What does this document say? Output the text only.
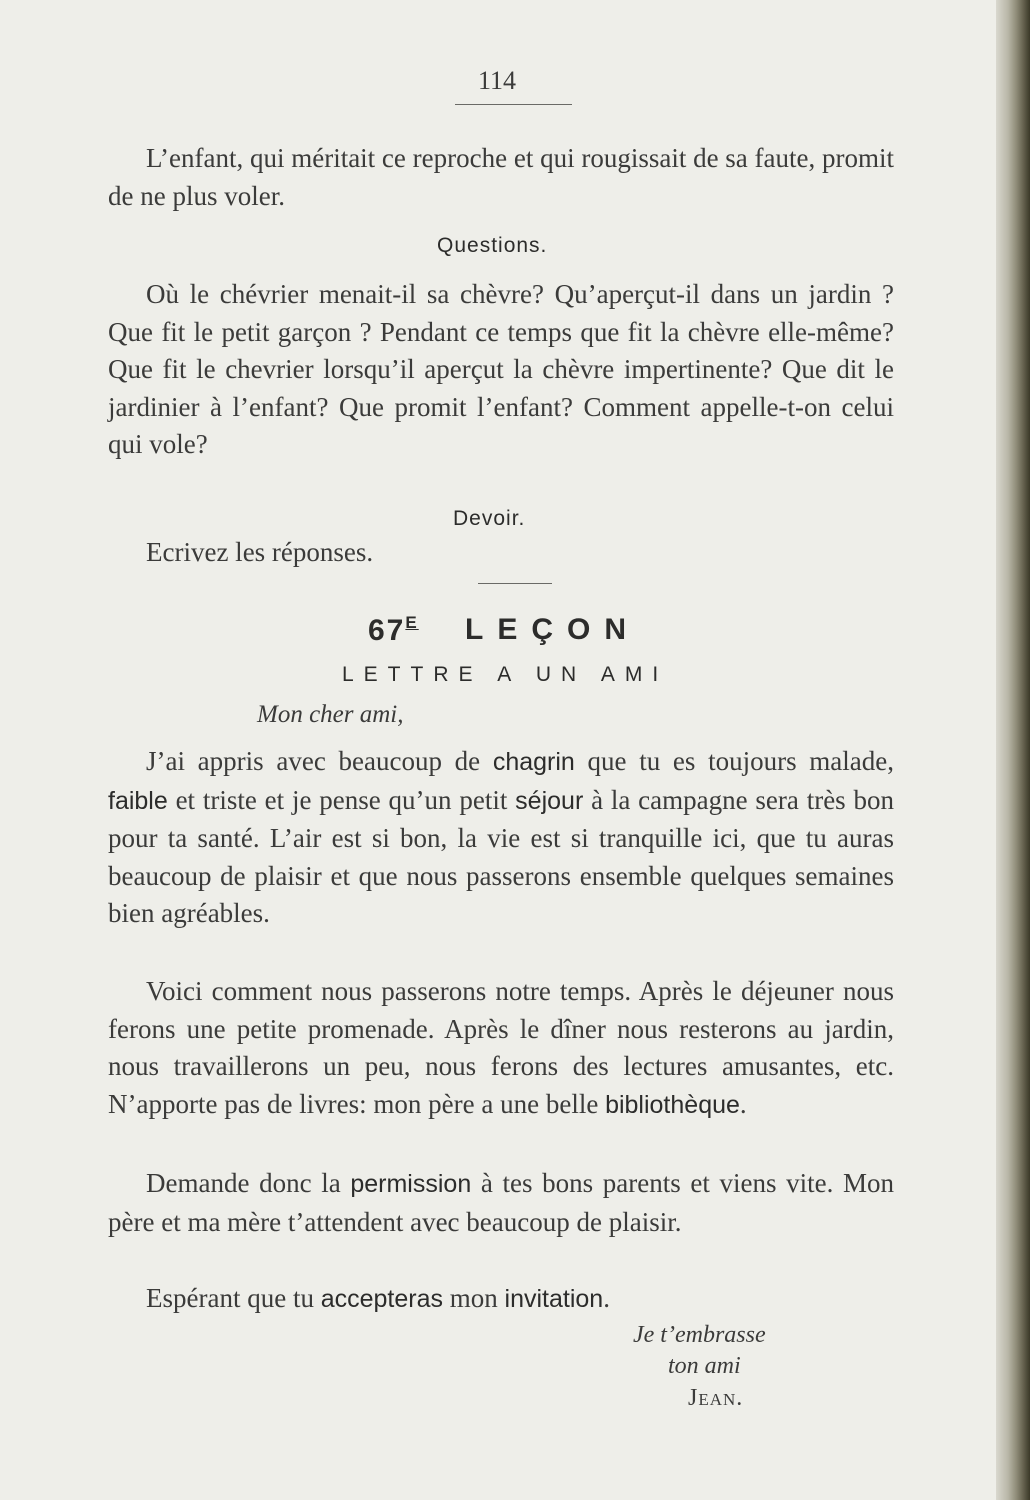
114
L’enfant, qui méritait ce reproche et qui rougissait de sa faute, promit de ne plus voler.
Questions.
Où le chévrier menait-il sa chèvre? Qu’aperçut-il dans un jardin ? Que fit le petit garçon ? Pendant ce temps que fit la chèvre elle-même? Que fit le chevrier lorsqu’il aperçut la chèvre impertinente? Que dit le jardinier à l’enfant? Que promit l’enfant? Comment appelle-t-on celui qui vole?
Devoir.
Ecrivez les réponses.
$67^E$ LEÇON
LETTRE A UN AMI
Mon cher ami,
J’ai appris avec beaucoup de chagrin que tu es toujours malade, faible et triste et je pense qu’un petit séjour à la campagne sera très bon pour ta santé. L’air est si bon, la vie est si tranquille ici, que tu auras beaucoup de plaisir et que nous passerons ensemble quelques semaines bien agréables.
Voici comment nous passerons notre temps. Après le déjeuner nous ferons une petite promenade. Après le dîner nous resterons au jardin, nous travaillerons un peu, nous ferons des lectures amusantes, etc. N’apporte pas de livres: mon père a une belle bibliothèque.
Demande donc la permission à tes bons parents et viens vite. Mon père et ma mère t’attendent avec beaucoup de plaisir.
Espérant que tu accepteras mon invitation.
Je t’embrasse
ton ami
Jean.
